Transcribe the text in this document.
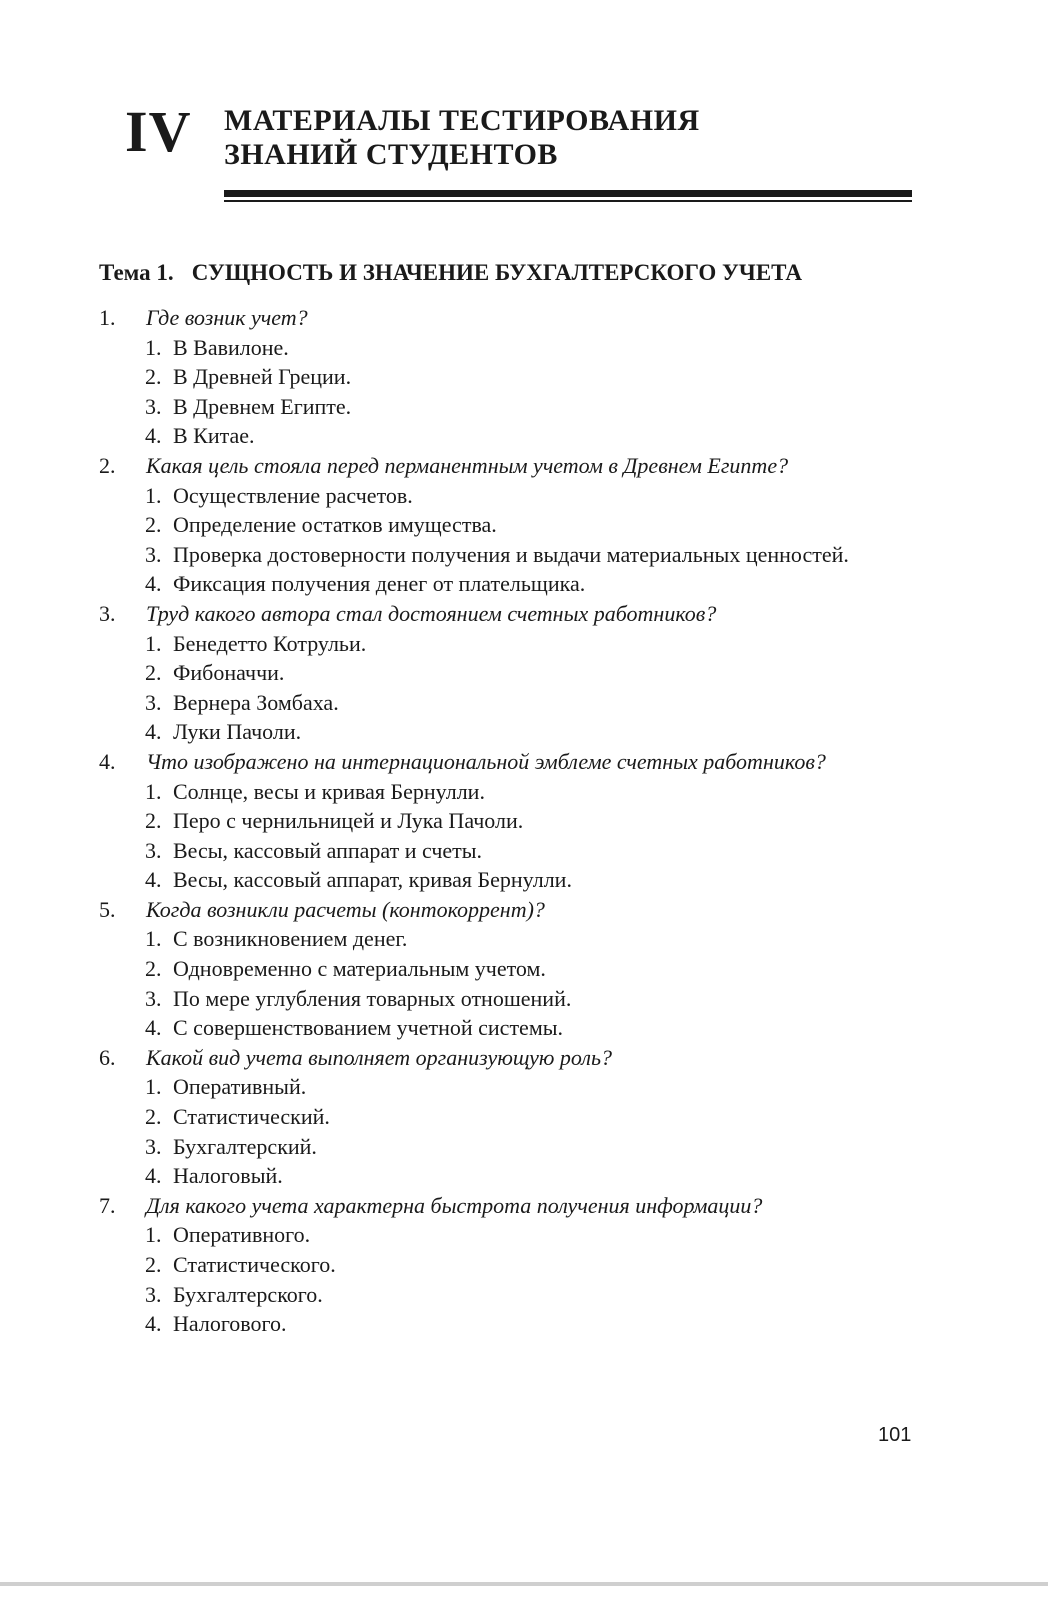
IV МАТЕРИАЛЫ ТЕСТИРОВАНИЯ
ЗНАНИЙ СТУДЕНТОВ
Тема 1. СУЩНОСТЬ И ЗНАЧЕНИЕ БУХГАЛТЕРСКОГО УЧЕТА
1. Где возник учет?
1. В Вавилоне.
2. В Древней Греции.
3. В Древнем Египте.
4. В Китае.
2. Какая цель стояла перед перманентным учетом в Древнем Египте?
1. Осуществление расчетов.
2. Определение остатков имущества.
3. Проверка достоверности получения и выдачи материальных ценностей.
4. Фиксация получения денег от плательщика.
3. Труд какого автора стал достоянием счетных работников?
1. Бенедетто Котрульи.
2. Фибоначчи.
3. Вернера Зомбаха.
4. Луки Пачоли.
4. Что изображено на интернациональной эмблеме счетных работников?
1. Солнце, весы и кривая Бернулли.
2. Перо с чернильницей и Лука Пачоли.
3. Весы, кассовый аппарат и счеты.
4. Весы, кассовый аппарат, кривая Бернулли.
5. Когда возникли расчеты (контокоррент)?
1. С возникновением денег.
2. Одновременно с материальным учетом.
3. По мере углубления товарных отношений.
4. С совершенствованием учетной системы.
6. Какой вид учета выполняет организующую роль?
1. Оперативный.
2. Статистический.
3. Бухгалтерский.
4. Налоговый.
7. Для какого учета характерна быстрота получения информации?
1. Оперативного.
2. Статистического.
3. Бухгалтерского.
4. Налогового.
101
